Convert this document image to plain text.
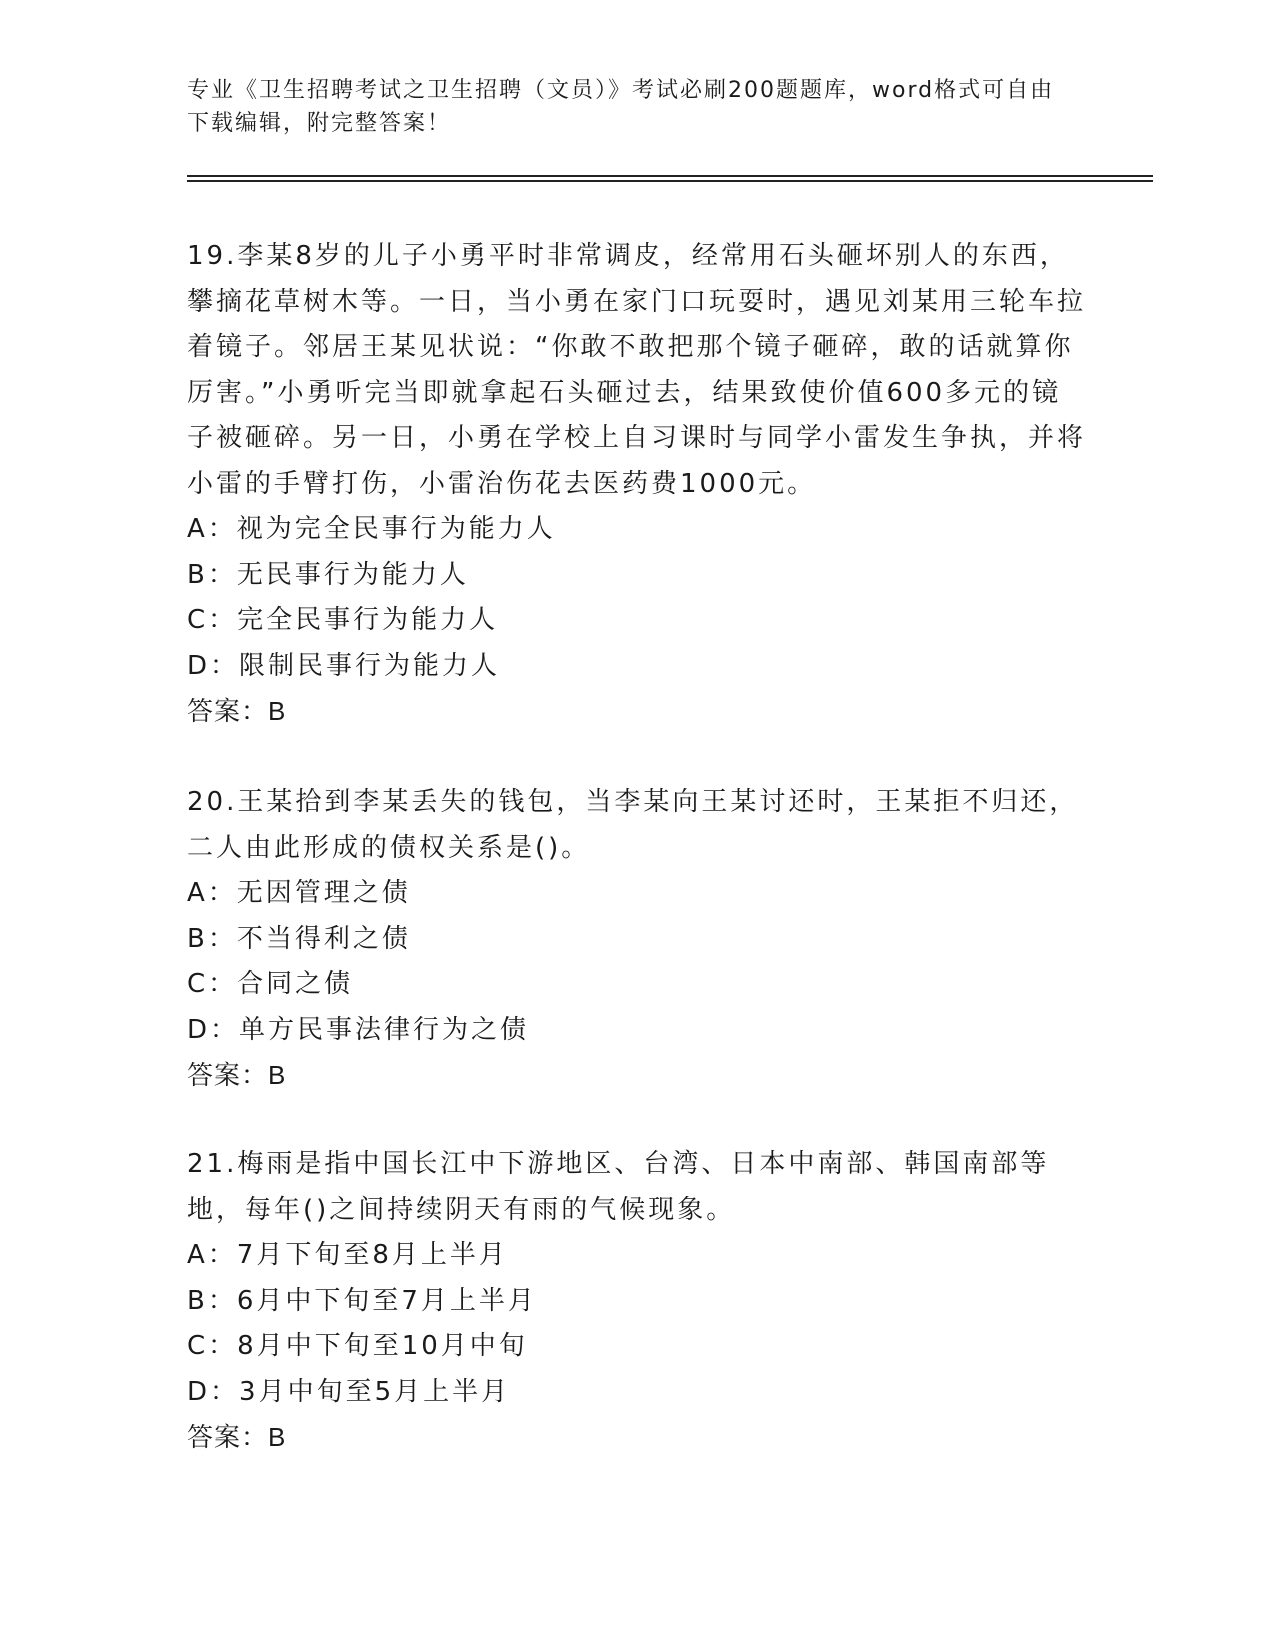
专业《卫生招聘考试之卫生招聘（文员）》考试必刷200题题库，word格式可自由下载编辑，附完整答案！

19.李某8岁的儿子小勇平时非常调皮，经常用石头砸坏别人的东西，攀摘花草树木等。一日，当小勇在家门口玩耍时，遇见刘某用三轮车拉着镜子。邻居王某见状说：“你敢不敢把那个镜子砸碎，敢的话就算你厉害。”小勇听完当即就拿起石头砸过去，结果致使价值600多元的镜子被砸碎。另一日，小勇在学校上自习课时与同学小雷发生争执，并将小雷的手臂打伤，小雷治伤花去医药费1000元。

A：视为完全民事行为能力人

B：无民事行为能力人

C：完全民事行为能力人

D：限制民事行为能力人

答案：B

20.王某拾到李某丢失的钱包，当李某向王某讨还时，王某拒不归还，二人由此形成的债权关系是()。

A：无因管理之债

B：不当得利之债

C：合同之债

D：单方民事法律行为之债

答案：B

21.梅雨是指中国长江中下游地区、台湾、日本中南部、韩国南部等地，每年()之间持续阴天有雨的气候现象。

A：7月下旬至8月上半月

B：6月中下旬至7月上半月

C：8月中下旬至10月中旬

D：3月中旬至5月上半月

答案：B
